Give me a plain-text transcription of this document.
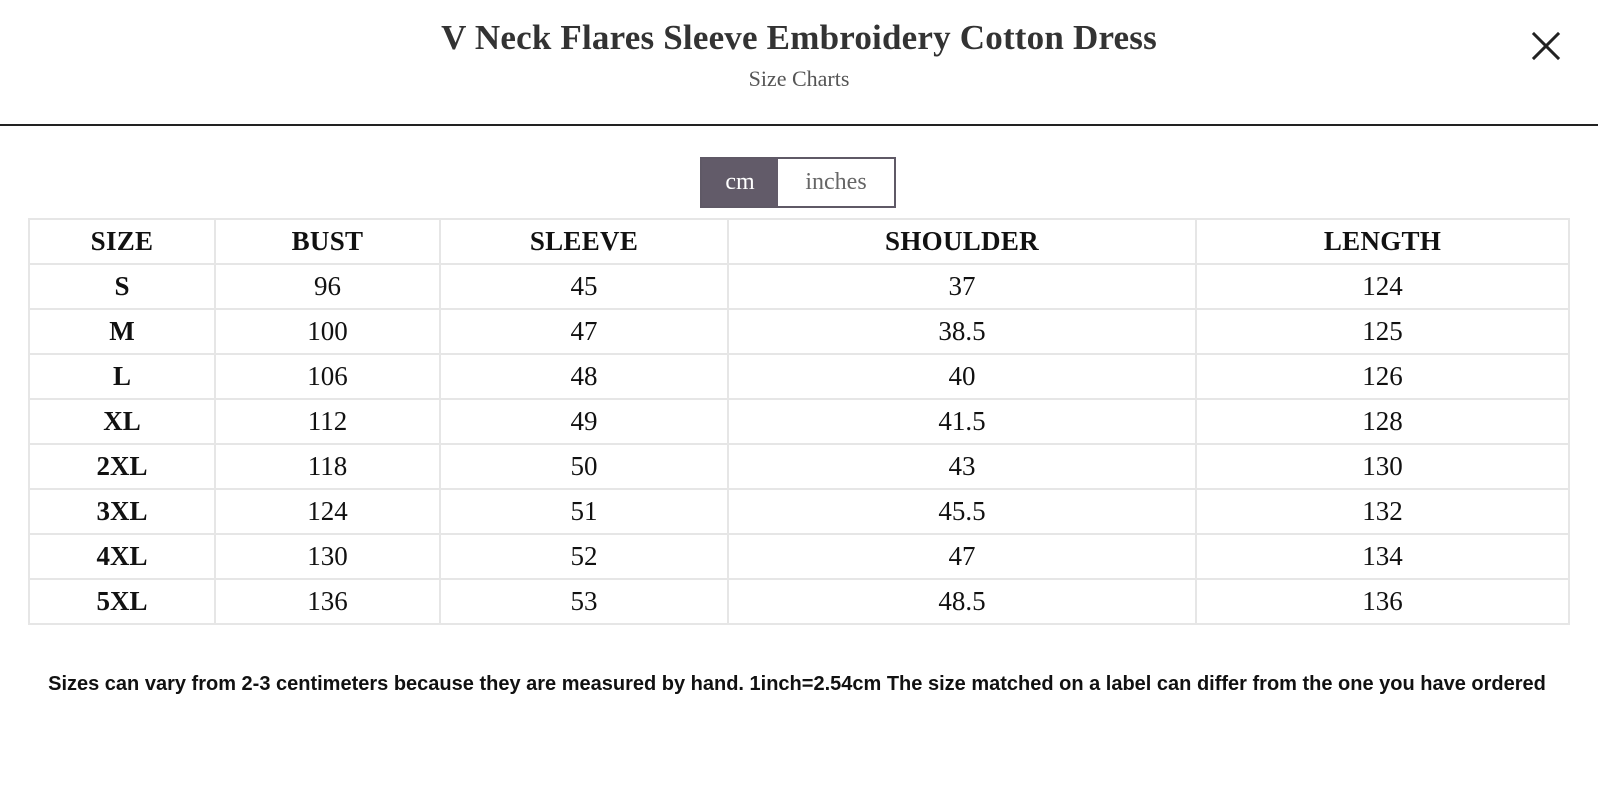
V Neck Flares Sleeve Embroidery Cotton Dress
Size Charts
cm	inches
SIZE	BUST	SLEEVE	SHOULDER	LENGTH
S	96	45	37	124
M	100	47	38.5	125
L	106	48	40	126
XL	112	49	41.5	128
2XL	118	50	43	130
3XL	124	51	45.5	132
4XL	130	52	47	134
5XL	136	53	48.5	136
Sizes can vary from 2-3 centimeters because they are measured by hand. 1inch=2.54cm The size matched on a label can differ from the one you have ordered
